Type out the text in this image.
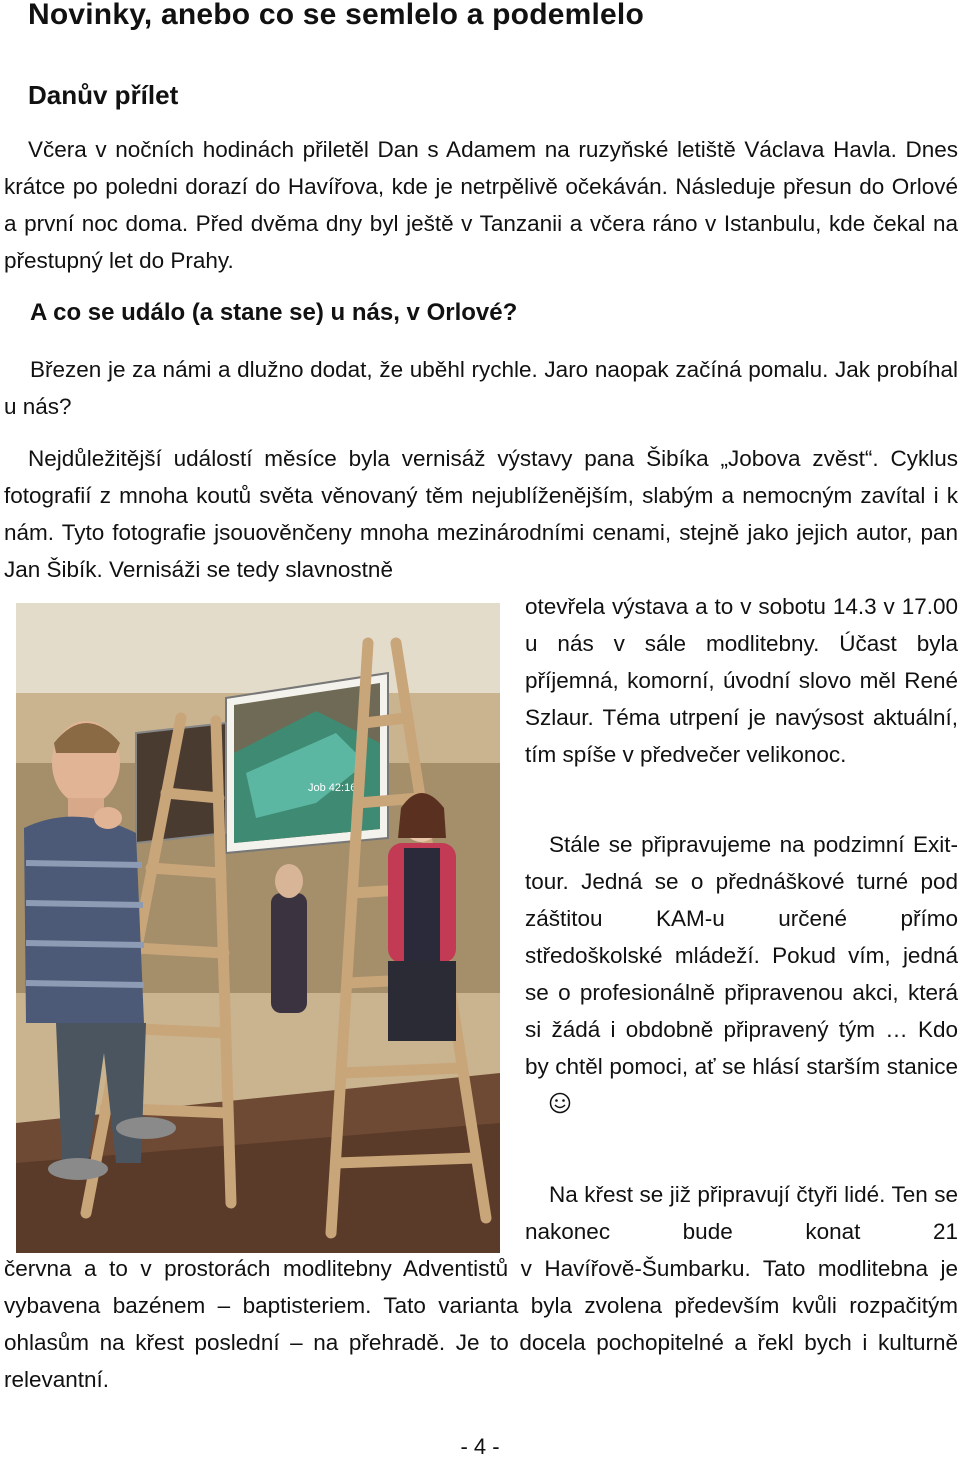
Novinky, anebo co se semlelo a podemlelo
Danův přílet

Včera v nočních hodinách přiletěl Dan s Adamem na ruzyňské letiště Václava Havla. Dnes krátce po poledni dorazí do Havířova, kde je netrpělivě očekáván. Následuje přesun do Orlové a první noc doma. Před dvěma dny byl ještě v Tanzanii a včera ráno v Istanbulu, kde čekal na přestupný let do Prahy.

A co se událo (a stane se) u nás, v Orlové?

Březen je za námi a dlužno dodat, že uběhl rychle. Jaro naopak začíná pomalu. Jak probíhal u nás?

Nejdůležitější událostí měsíce byla vernisáž výstavy pana Šibíka „Jobova zvěst“. Cyklus fotografií z mnoha koutů světa věnovaný těm nejublíženějším, slabým a nemocným zavítal i k nám. Tyto fotografie jsouověnčeny mnoha mezinárodními cenami, stejně jako jejich autor, pan Jan Šibík. Vernisáži se tedy slavnostně

Job 42:16

otevřela výstava a to v sobotu 14.3 v 17.00 u nás v sále modlitebny. Účast byla příjemná, komorní, úvodní slovo měl René Szlaur. Téma utrpení je navýsost aktuální, tím spíše v předvečer velikonoc.

Stále se připravujeme na podzimní Exit-tour. Jedná se o přednáškové turné pod záštitou KAM-u určené přímo středoškolské mládeží. Pokud vím, jedná se o profesionálně připravenou akci, která si žádá i obdobně připravený tým … Kdo by chtěl pomoci, ať se hlásí starším stanice

Na křest se již připravují čtyři lidé. Ten se nakonec bude konat 21

června a to v prostorách modlitebny Adventistů v Havířově-Šumbarku. Tato modlitebna je vybavena bazénem – baptisteriem. Tato varianta byla zvolena především kvůli rozpačitým ohlasům na křest poslední – na přehradě. Je to docela pochopitelné a řekl bych i kulturně relevantní.

- 4 -
